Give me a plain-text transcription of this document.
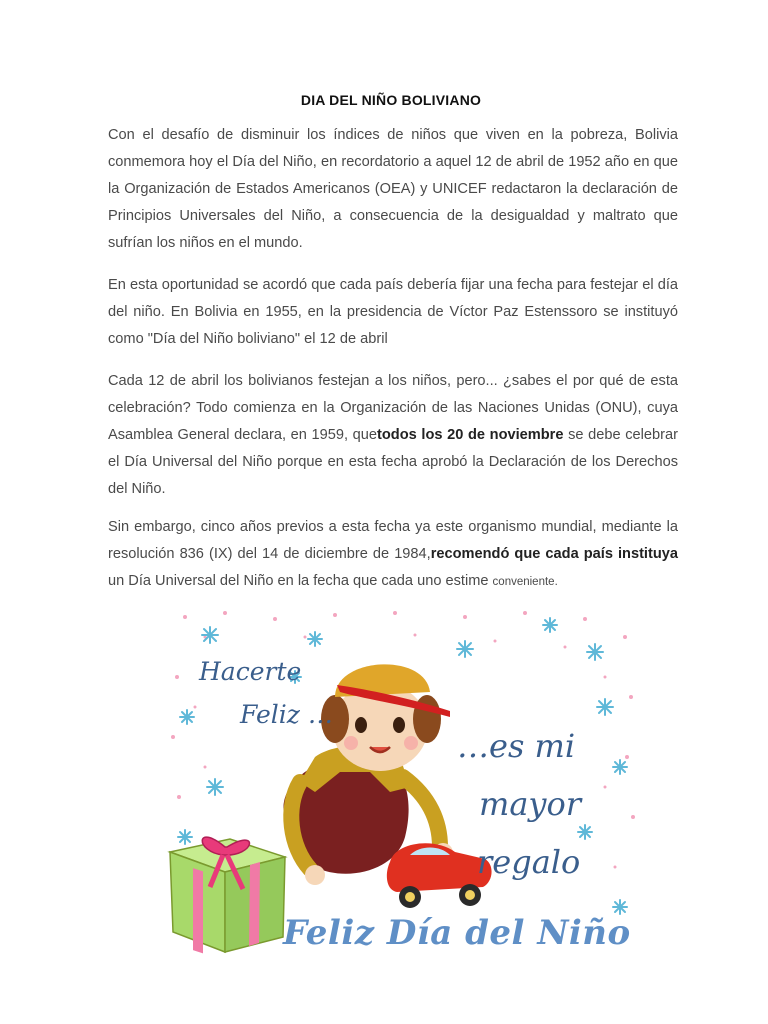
DIA DEL NIÑO BOLIVIANO

Con el desafío de disminuir los índices de niños que viven en la pobreza, Bolivia conmemora hoy el Día del Niño, en recordatorio a aquel 12 de abril de 1952 año en que la Organización de Estados Americanos (OEA) y UNICEF redactaron la declaración de Principios Universales del Niño, a consecuencia de la desigualdad y maltrato que sufrían los niños en el mundo.

En esta oportunidad se acordó que cada país debería fijar una fecha para festejar el día del niño. En Bolivia en 1955, en la presidencia de Víctor Paz Estenssoro se instituyó como "Día del Niño boliviano" el 12 de abril

Cada 12 de abril los bolivianos festejan a los niños, pero... ¿sabes el por qué de esta celebración? Todo comienza en la Organización de las Naciones Unidas (ONU), cuya Asamblea General declara, en 1959, quetodos los 20 de noviembre se debe celebrar el Día Universal del Niño porque en esta fecha aprobó la Declaración de los Derechos del Niño.

Sin embargo, cinco años previos a esta fecha ya este organismo mundial, mediante la resolución 836 (IX) del 14 de diciembre de 1984,recomendó que cada país instituya un Día Universal del Niño en la fecha que cada uno estime conveniente.

Hacerte
Feliz …
…es mi
mayor
regalo
Feliz Día del Niño
